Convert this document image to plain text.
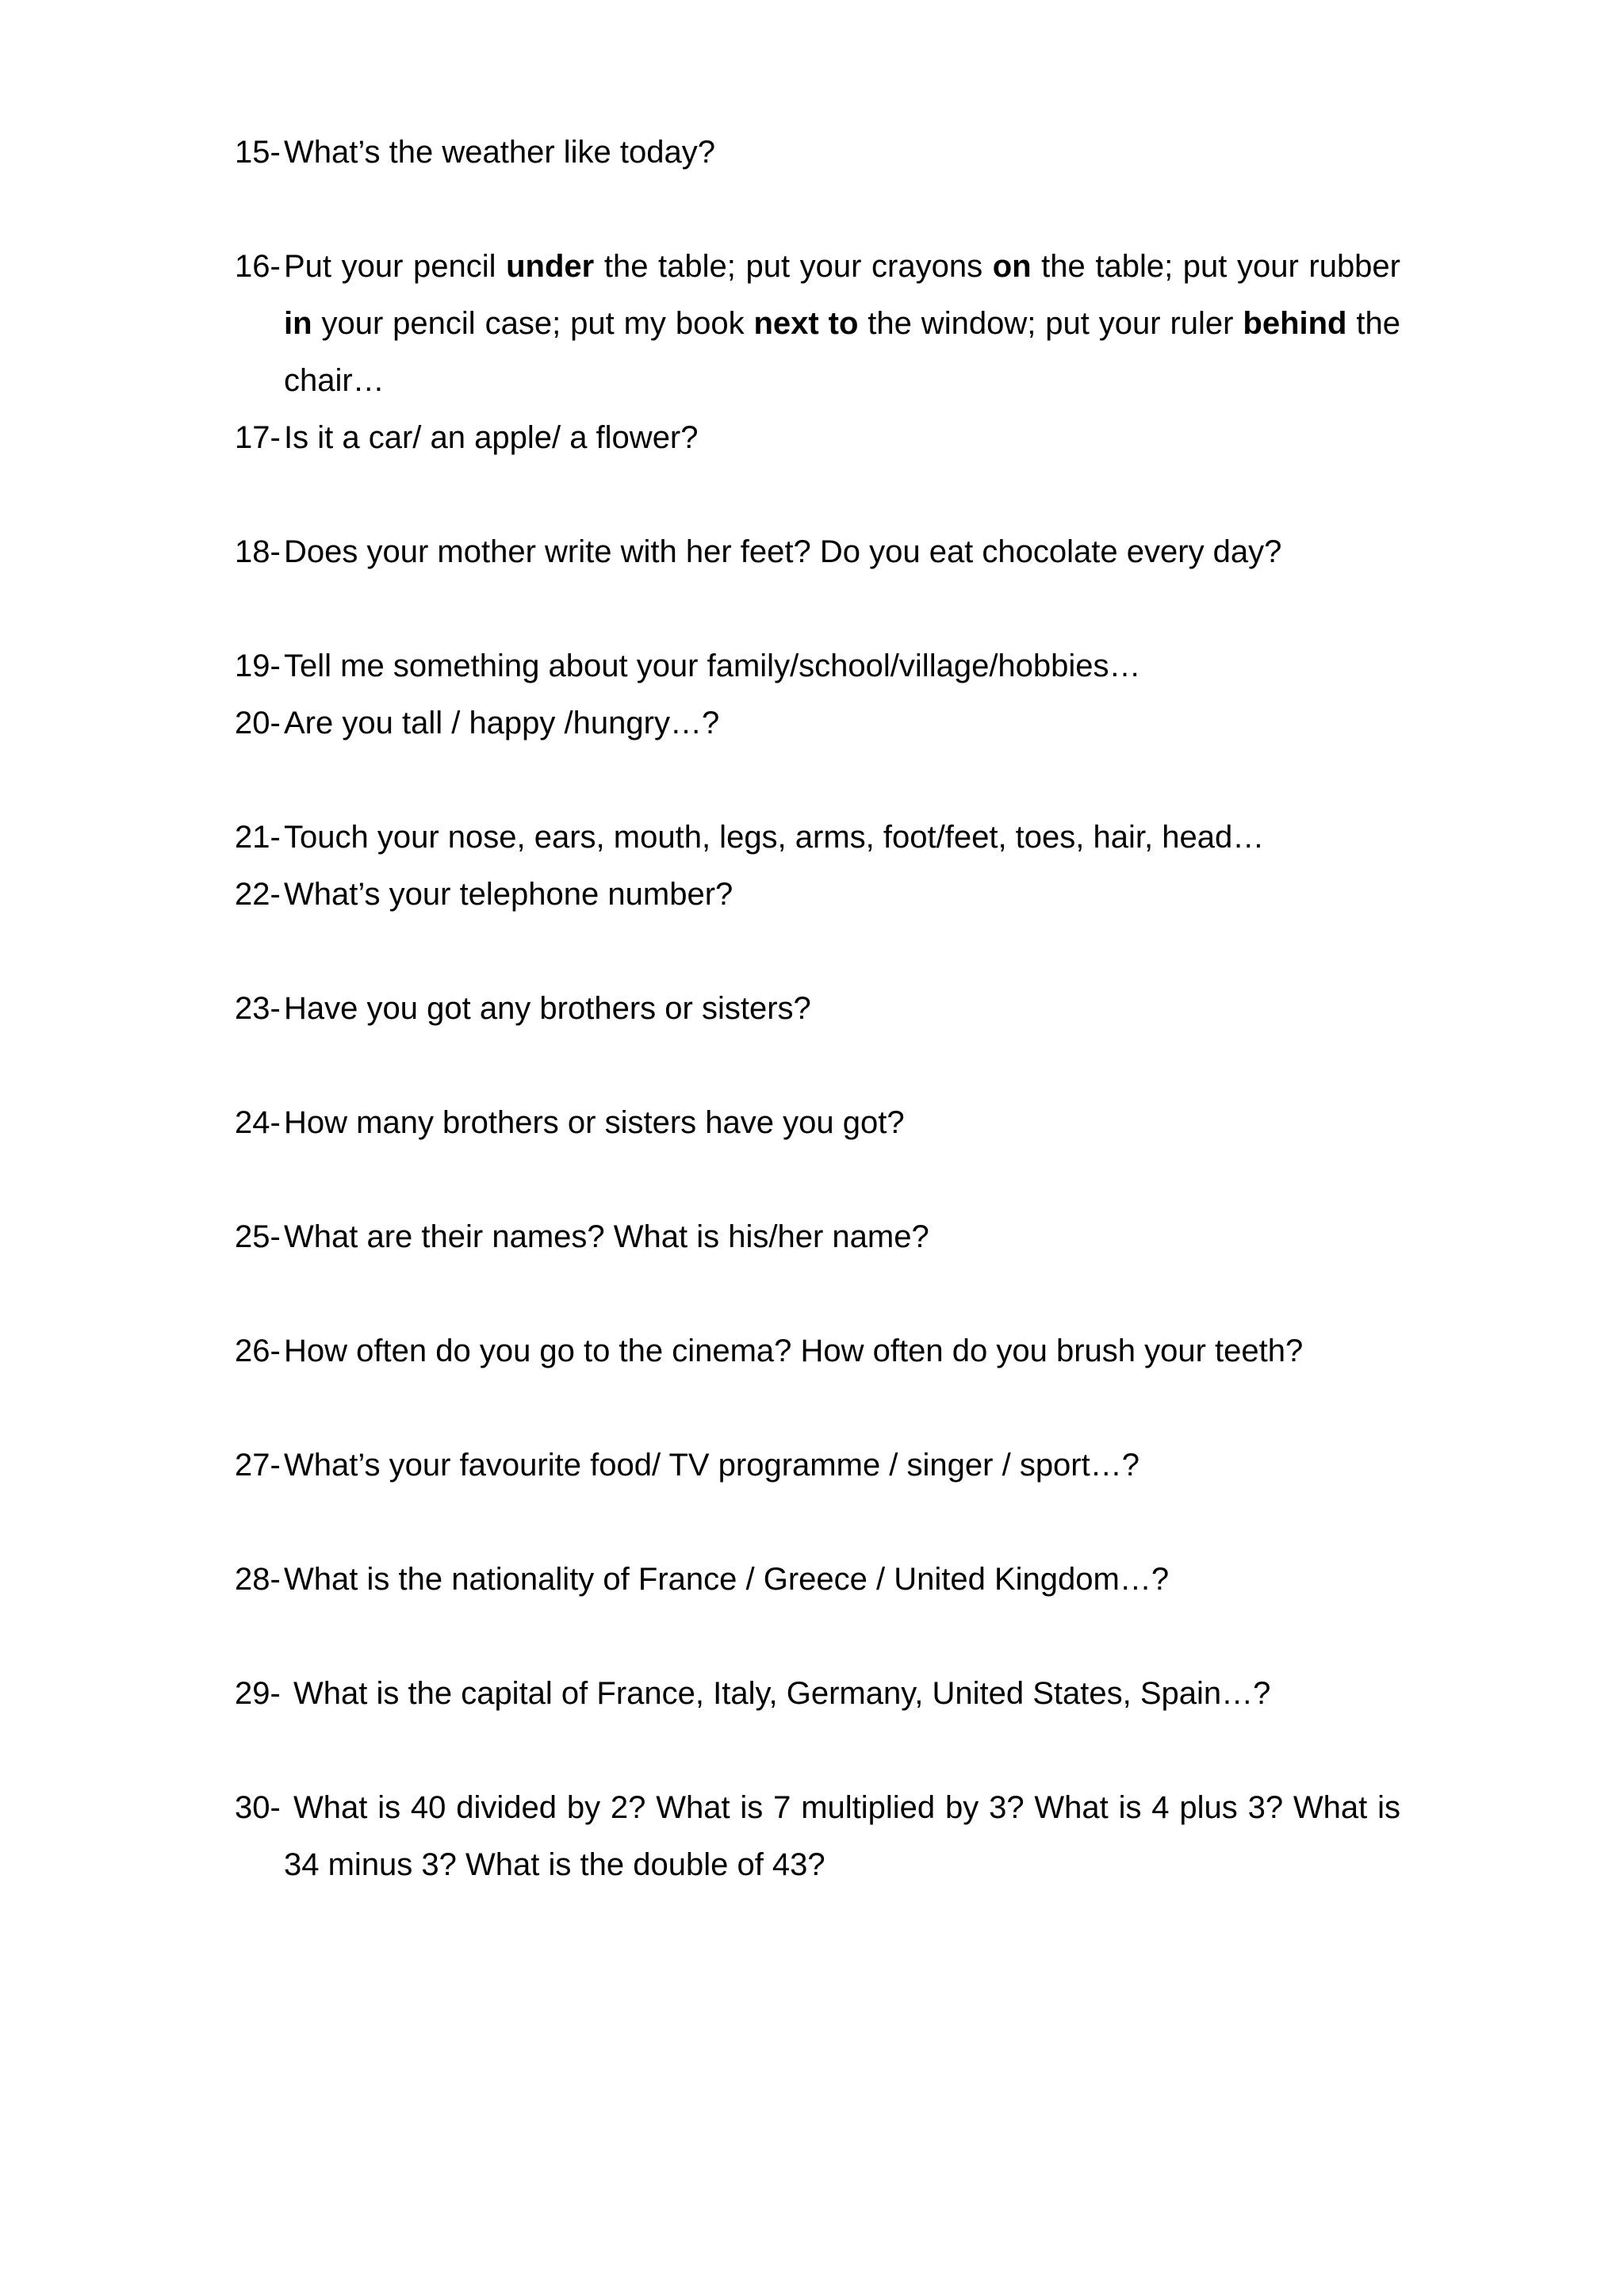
15- What’s the weather like today?
16- Put your pencil under the table; put your crayons on the table; put your rubber in your pencil case; put my book next to the window; put your ruler behind the chair…
17- Is it a car/ an apple/ a flower?
18- Does your mother write with her feet? Do you eat chocolate every day?
19- Tell me something about your family/school/village/hobbies…
20- Are you tall / happy /hungry…?
21- Touch your nose, ears, mouth, legs, arms, foot/feet, toes, hair, head…
22- What’s your telephone number?
23- Have you got any brothers or sisters?
24- How many brothers or sisters have you got?
25- What are their names? What is his/her name?
26- How often do you go to the cinema? How often do you brush your teeth?
27- What’s your favourite food/ TV programme / singer / sport…?
28- What is the nationality of France / Greece / United Kingdom…?
29-What is the capital of France, Italy, Germany, United States, Spain…?
30-What is 40 divided by 2? What is 7 multiplied by 3? What is 4 plus 3? What is 34 minus 3? What is the double of 43?
